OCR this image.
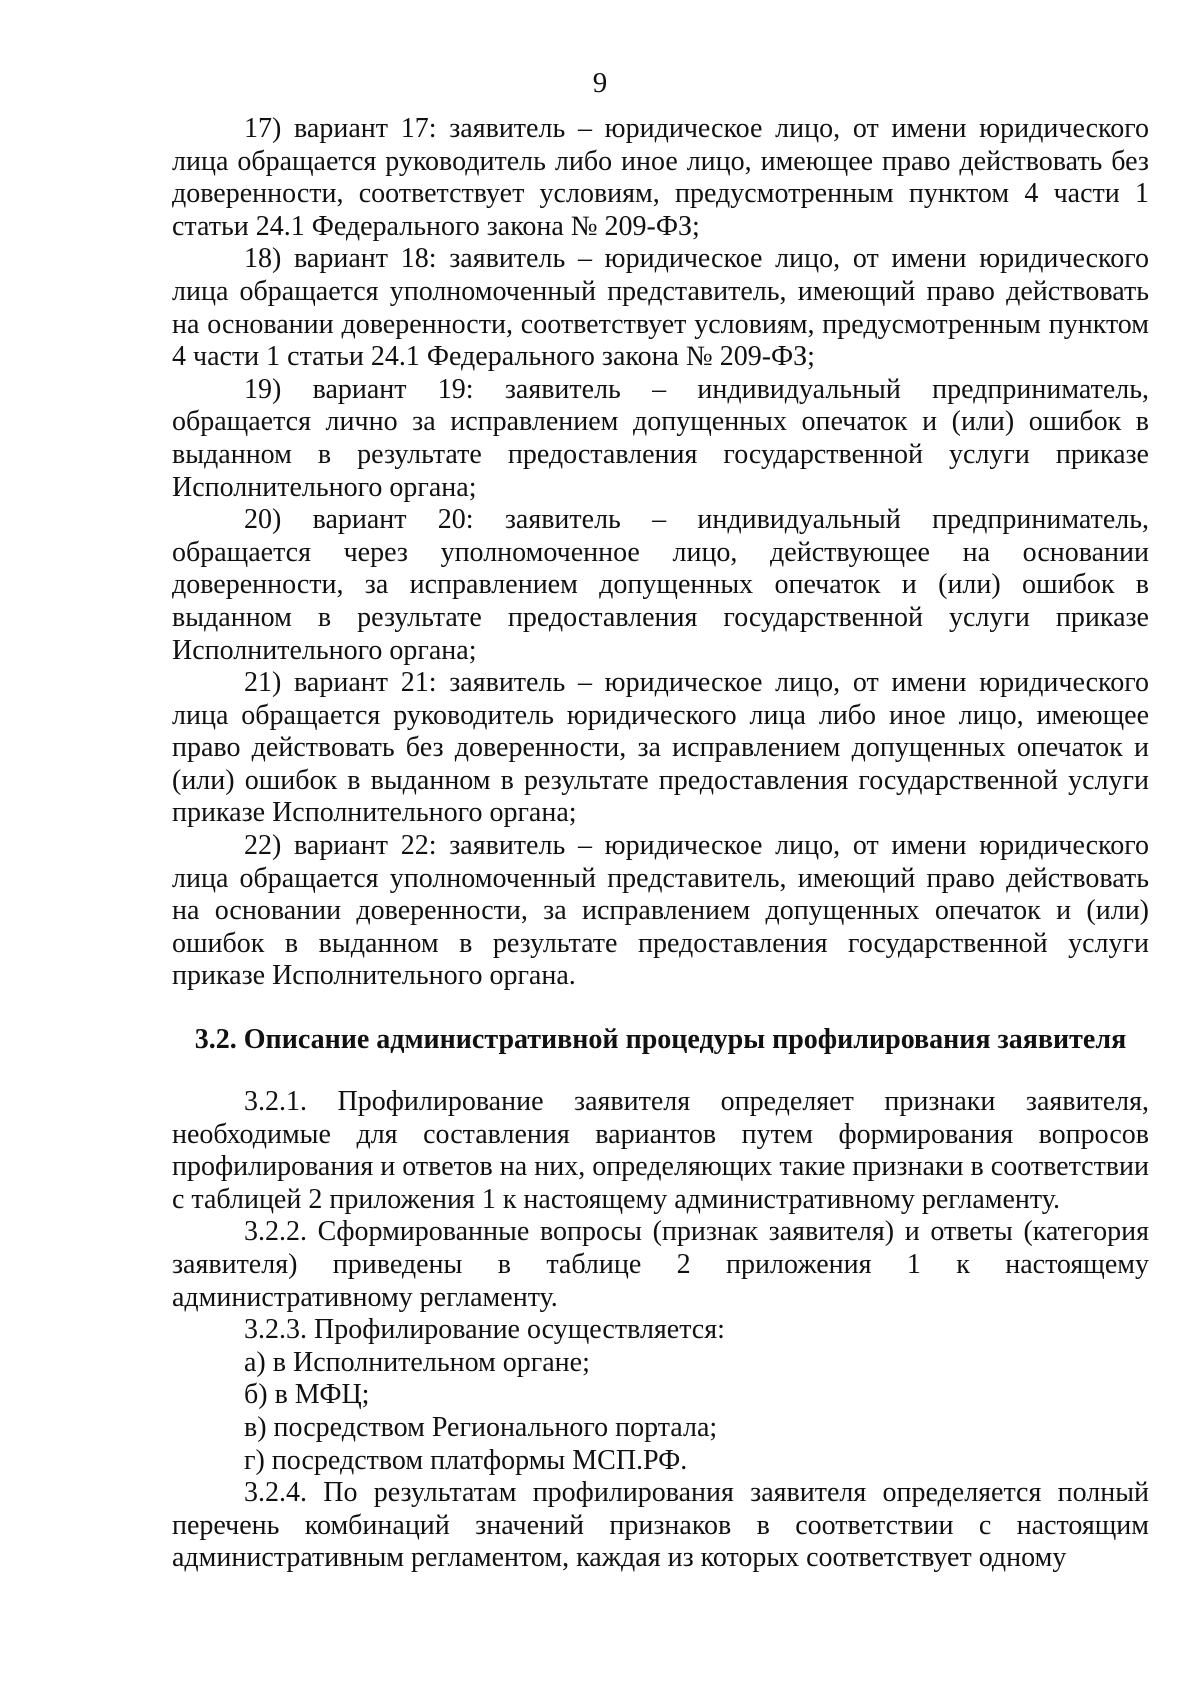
9

17) вариант 17: заявитель – юридическое лицо, от имени юридического лица обращается руководитель либо иное лицо, имеющее право действовать без доверенности, соответствует условиям, предусмотренным пунктом 4 части 1 статьи 24.1 Федерального закона № 209-ФЗ;

18) вариант 18: заявитель – юридическое лицо, от имени юридического лица обращается уполномоченный представитель, имеющий право действовать на основании доверенности, соответствует условиям, предусмотренным пунктом 4 части 1 статьи 24.1 Федерального закона № 209-ФЗ;

19) вариант 19: заявитель – индивидуальный предприниматель, обращается лично за исправлением допущенных опечаток и (или) ошибок в выданном в результате предоставления государственной услуги приказе Исполнительного органа;

20) вариант 20: заявитель – индивидуальный предприниматель, обращается через уполномоченное лицо, действующее на основании доверенности, за исправлением допущенных опечаток и (или) ошибок в выданном в результате предоставления государственной услуги приказе Исполнительного органа;

21) вариант 21: заявитель – юридическое лицо, от имени юридического лица обращается руководитель юридического лица либо иное лицо, имеющее право действовать без доверенности, за исправлением допущенных опечаток и (или) ошибок в выданном в результате предоставления государственной услуги приказе Исполнительного органа;

22) вариант 22: заявитель – юридическое лицо, от имени юридического лица обращается уполномоченный представитель, имеющий право действовать на основании доверенности, за исправлением допущенных опечаток и (или) ошибок в выданном в результате предоставления государственной услуги приказе Исполнительного органа.

3.2. Описание административной процедуры профилирования заявителя

3.2.1. Профилирование заявителя определяет признаки заявителя, необходимые для составления вариантов путем формирования вопросов профилирования и ответов на них, определяющих такие признаки в соответствии с таблицей 2 приложения 1 к настоящему административному регламенту.

3.2.2. Сформированные вопросы (признак заявителя) и ответы (категория заявителя) приведены в таблице 2 приложения 1 к настоящему административному регламенту.

3.2.3. Профилирование осуществляется:

а) в Исполнительном органе;

б) в МФЦ;

в) посредством Регионального портала;

г) посредством платформы МСП.РФ.

3.2.4. По результатам профилирования заявителя определяется полный перечень комбинаций значений признаков в соответствии с настоящим административным регламентом, каждая из которых соответствует одному
